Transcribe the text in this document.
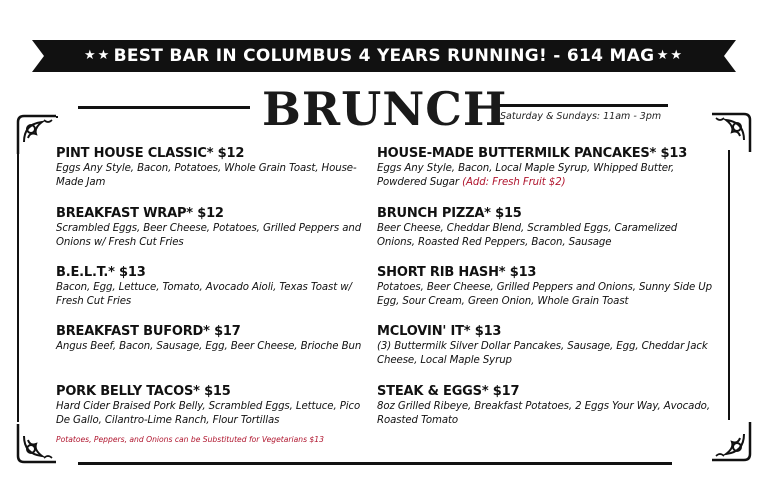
★★ BEST BAR IN COLUMBUS 4 YEARS RUNNING! - 614 MAG ★★
BRUNCH
Saturday & Sundays: 11am - 3pm
PINT HOUSE CLASSIC* $12
Eggs Any Style, Bacon, Potatoes, Whole Grain Toast, House-Made Jam
BREAKFAST WRAP* $12
Scrambled Eggs, Beer Cheese, Potatoes, Grilled Peppers and Onions w/ Fresh Cut Fries
B.E.L.T.* $13
Bacon, Egg, Lettuce, Tomato, Avocado Aioli, Texas Toast w/ Fresh Cut Fries
BREAKFAST BUFORD* $17
Angus Beef, Bacon, Sausage, Egg, Beer Cheese, Brioche Bun
PORK BELLY TACOS* $15
Hard Cider Braised Pork Belly, Scrambled Eggs, Lettuce, Pico De Gallo, Cilantro-Lime Ranch, Flour Tortillas
Potatoes, Peppers, and Onions can be Substituted for Vegetarians $13
HOUSE-MADE BUTTERMILK PANCAKES* $13
Eggs Any Style, Bacon, Local Maple Syrup, Whipped Butter, Powdered Sugar (Add: Fresh Fruit $2)
BRUNCH PIZZA* $15
Beer Cheese, Cheddar Blend, Scrambled Eggs, Caramelized Onions, Roasted Red Peppers, Bacon, Sausage
SHORT RIB HASH* $13
Potatoes, Beer Cheese, Grilled Peppers and Onions, Sunny Side Up Egg, Sour Cream, Green Onion, Whole Grain Toast
MCLOVIN' IT* $13
(3) Buttermilk Silver Dollar Pancakes, Sausage, Egg, Cheddar Jack Cheese, Local Maple Syrup
STEAK & EGGS* $17
8oz Grilled Ribeye, Breakfast Potatoes, 2 Eggs Your Way, Avocado, Roasted Tomato
